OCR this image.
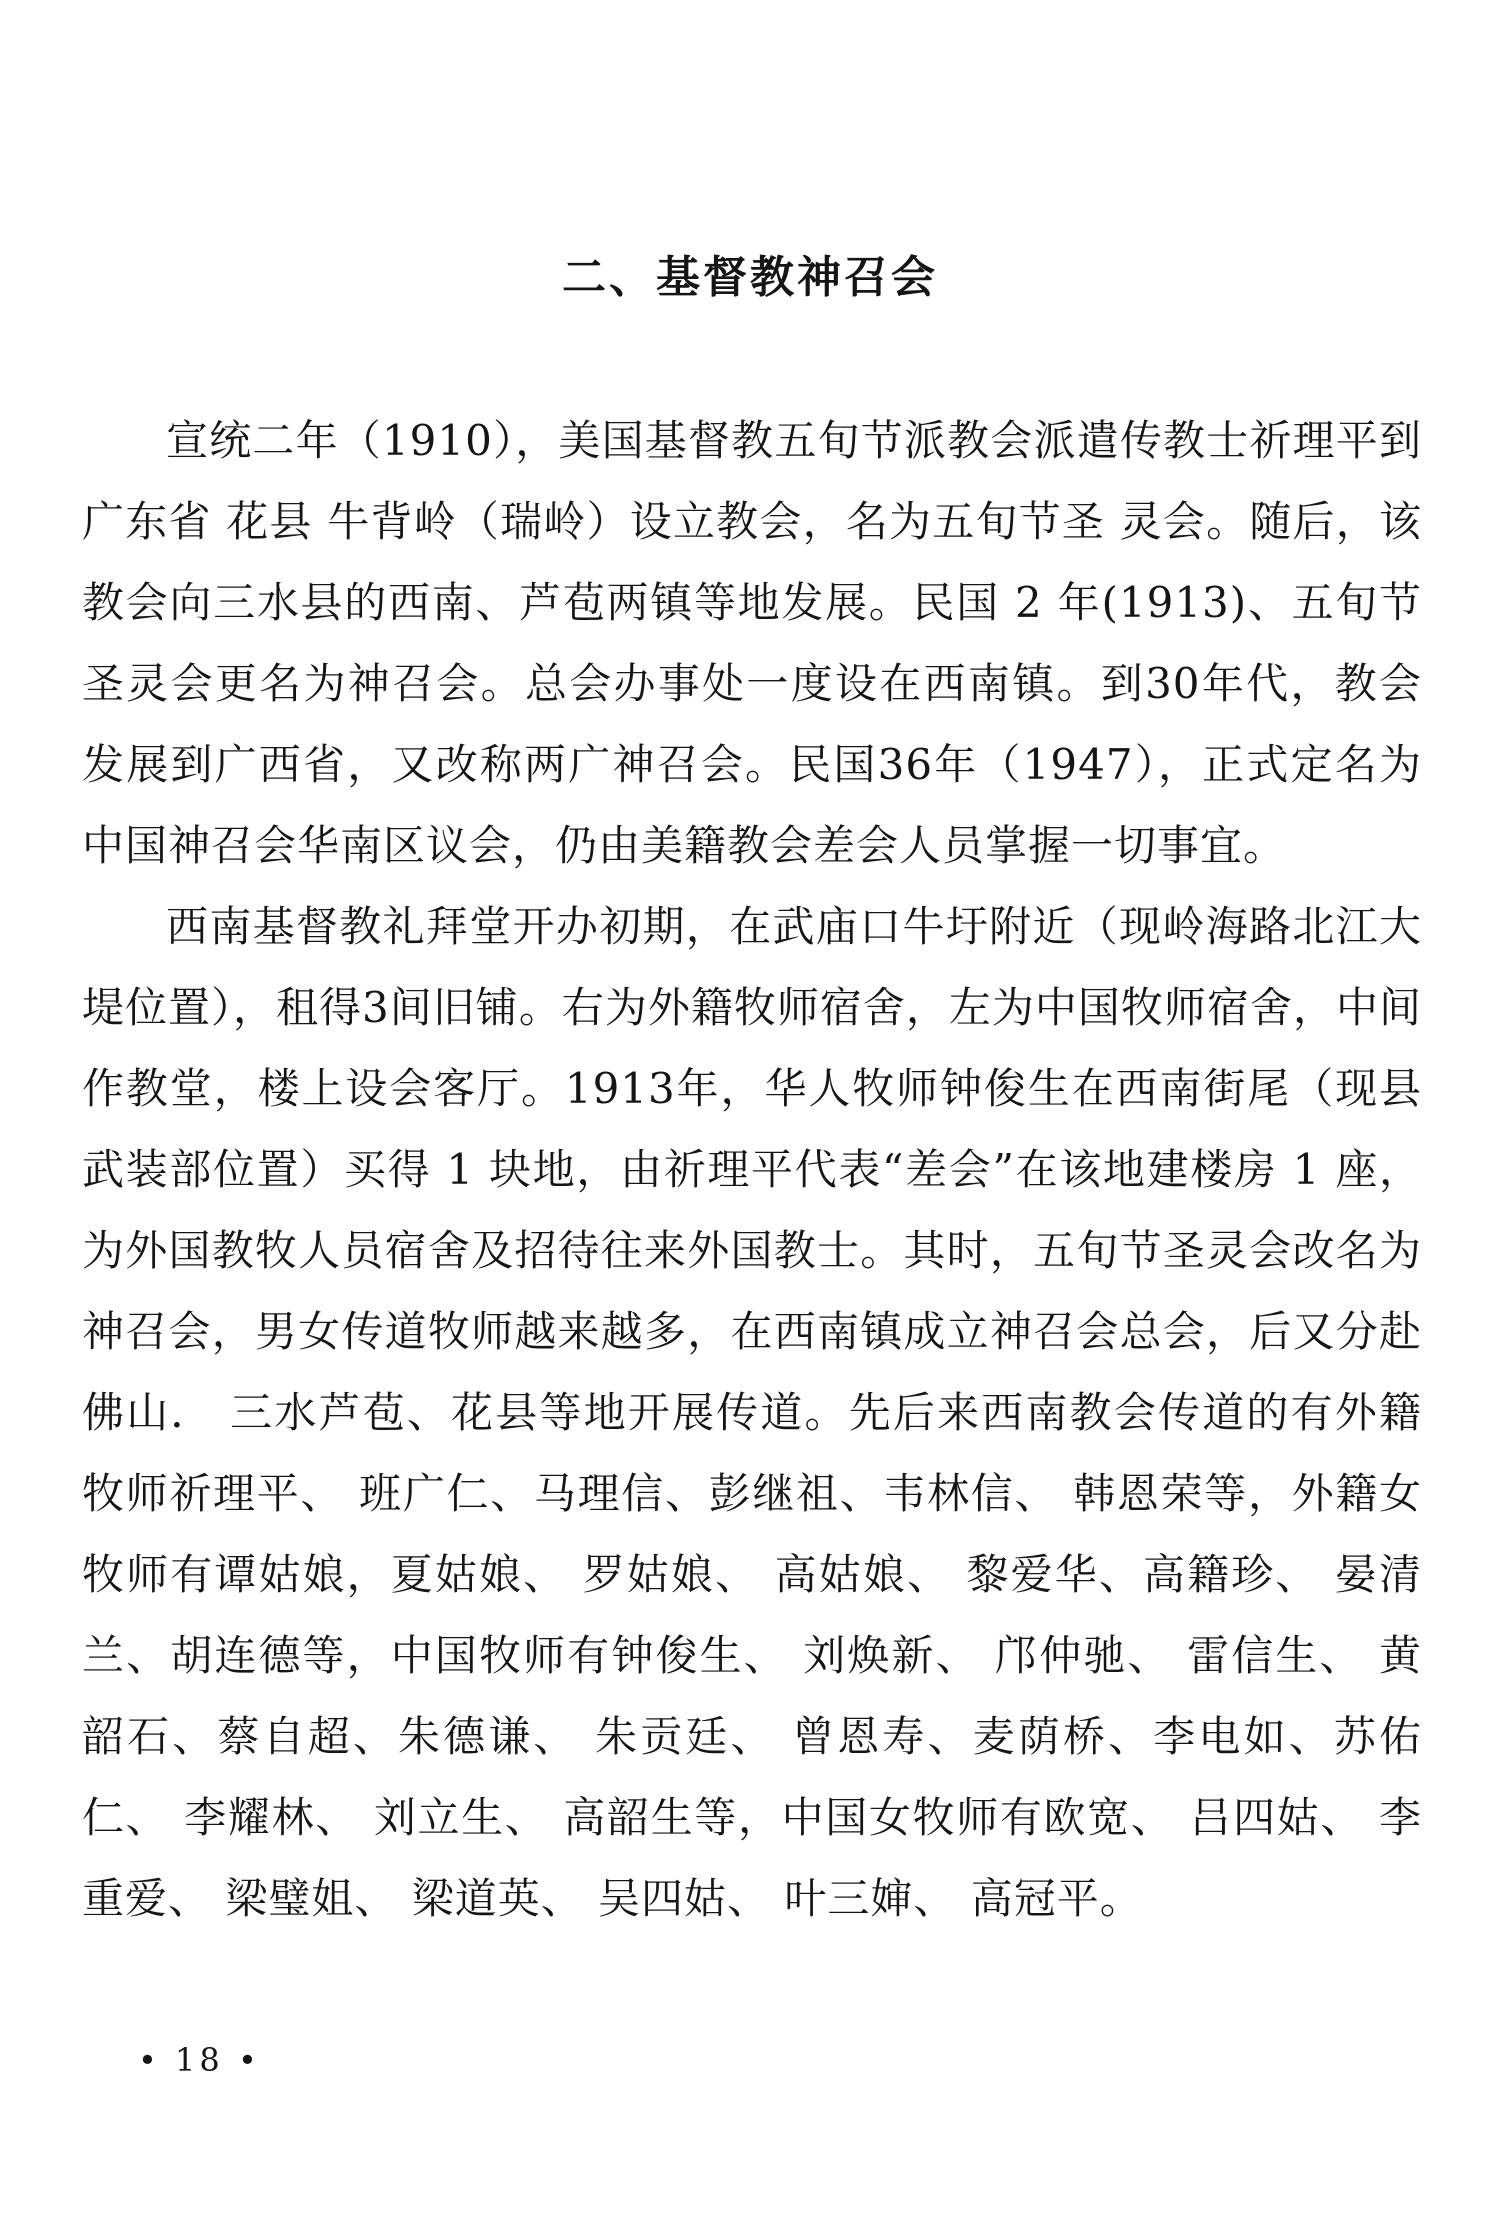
二、基督教神召会

宣统二年（1910），美国基督教五旬节派教会派遣传教士祈理平到广东省 花县 牛背岭（瑞岭）设立教会，名为五旬节圣 灵会。随后，该教会向三水县的西南、芦苞两镇等地发展。民国 2 年(1913)、五旬节圣灵会更名为神召会。总会办事处一度设在西南镇。到30年代，教会发展到广西省，又改称两广神召会。民国36年（1947），正式定名为中国神召会华南区议会，仍由美籍教会差会人员掌握一切事宜。

西南基督教礼拜堂开办初期，在武庙口牛圩附近（现岭海路北江大堤位置），租得3间旧铺。右为外籍牧师宿舍，左为中国牧师宿舍，中间作教堂，楼上设会客厅。1913年，华人牧师钟俊生在西南街尾（现县武装部位置）买得 1 块地，由祈理平代表“差会”在该地建楼房 1 座，为外国教牧人员宿舍及招待往来外国教士。其时，五旬节圣灵会改名为神召会，男女传道牧师越来越多，在西南镇成立神召会总会，后又分赴佛山． 三水芦苞、花县等地开展传道。先后来西南教会传道的有外籍牧师祈理平、 班广仁、马理信、彭继祖、韦林信、 韩恩荣等，外籍女牧师有谭姑娘，夏姑娘、 罗姑娘、 高姑娘、 黎爱华、高籍珍、 晏清兰、胡连德等，中国牧师有钟俊生、 刘焕新、 邝仲驰、 雷信生、 黄韶石、蔡自超、朱德谦、 朱贡廷、 曾恩寿、麦荫桥、李电如、苏佑仁、 李耀林、 刘立生、 高韶生等，中国女牧师有欧宽、 吕四姑、 李重爱、 梁璧姐、 梁道英、 吴四姑、 叶三婶、 高冠平。

• 18 •
